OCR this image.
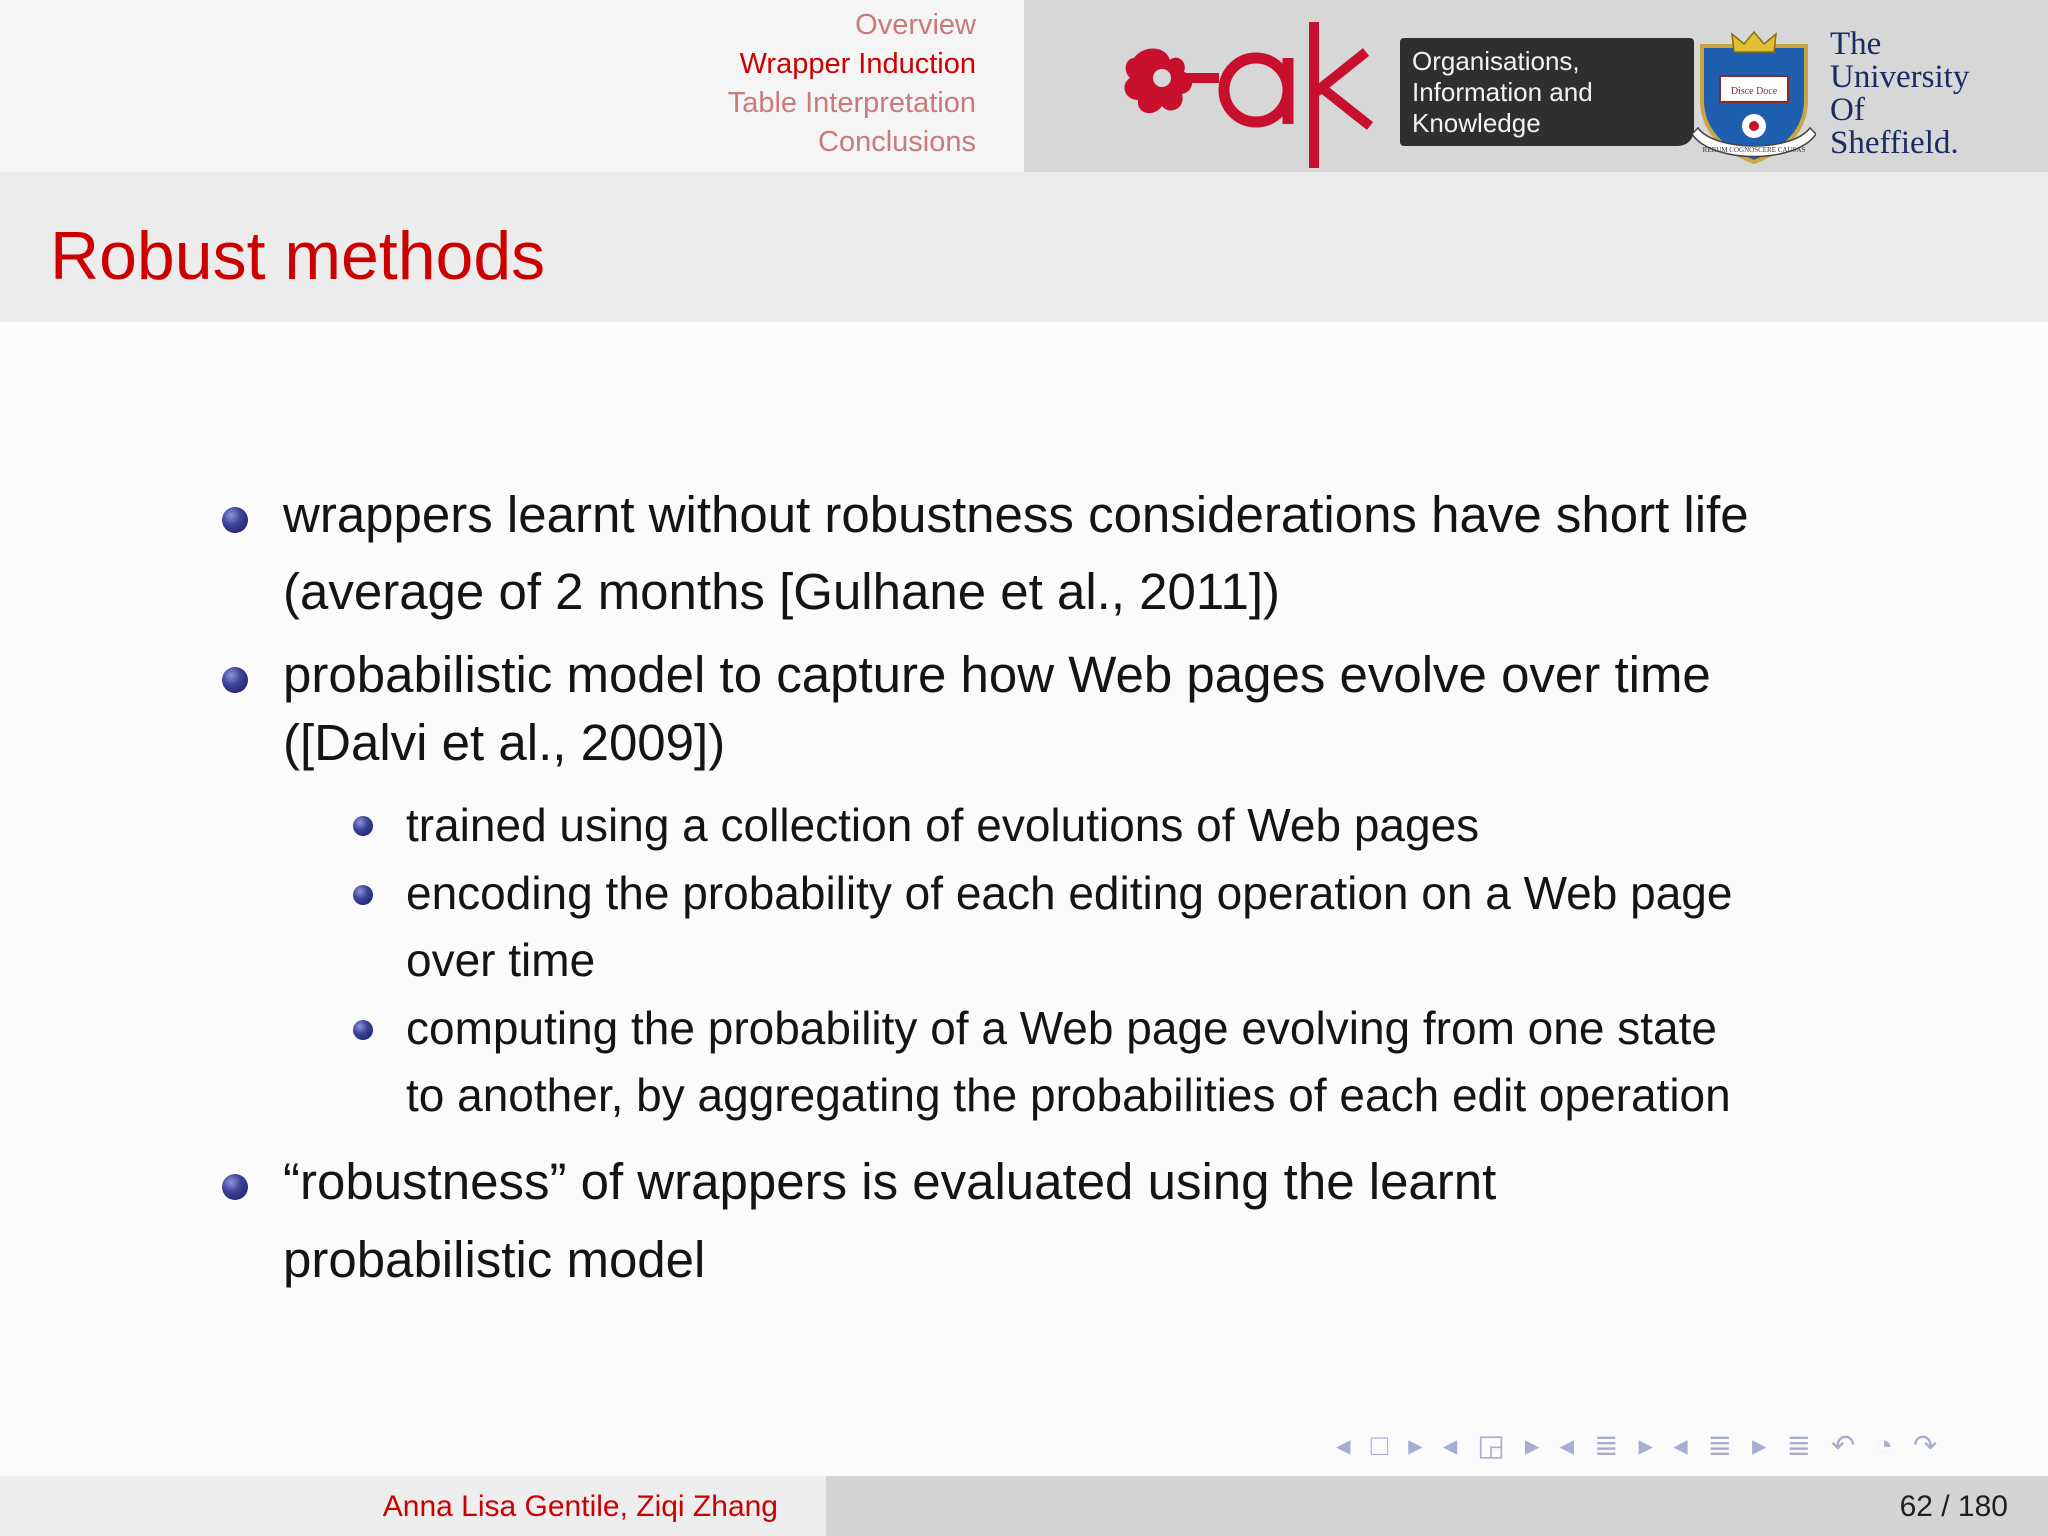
Overview
Wrapper Induction
Table Interpretation
Conclusions
Organisations,
Information and
Knowledge
Disce Doce
RERUM COGNOSCERE CAUSAS
The
University
Of
Sheffield.
Robust methods
wrappers learnt without robustness considerations have short life
(average of 2 months [Gulhane et al., 2011])
probabilistic model to capture how Web pages evolve over time
([Dalvi et al., 2009])
trained using a collection of evolutions of Web pages
encoding the probability of each editing operation on a Web page
over time
computing the probability of a Web page evolving from one state
to another, by aggregating the probabilities of each edit operation
“robustness” of wrappers is evaluated using the learnt
probabilistic model
◂ □ ▸ ◂ ◲ ▸ ◂ ≣ ▸ ◂ ≣ ▸ ≣ ↶ ◔ ↷
Anna Lisa Gentile, Ziqi Zhang	62 / 180
